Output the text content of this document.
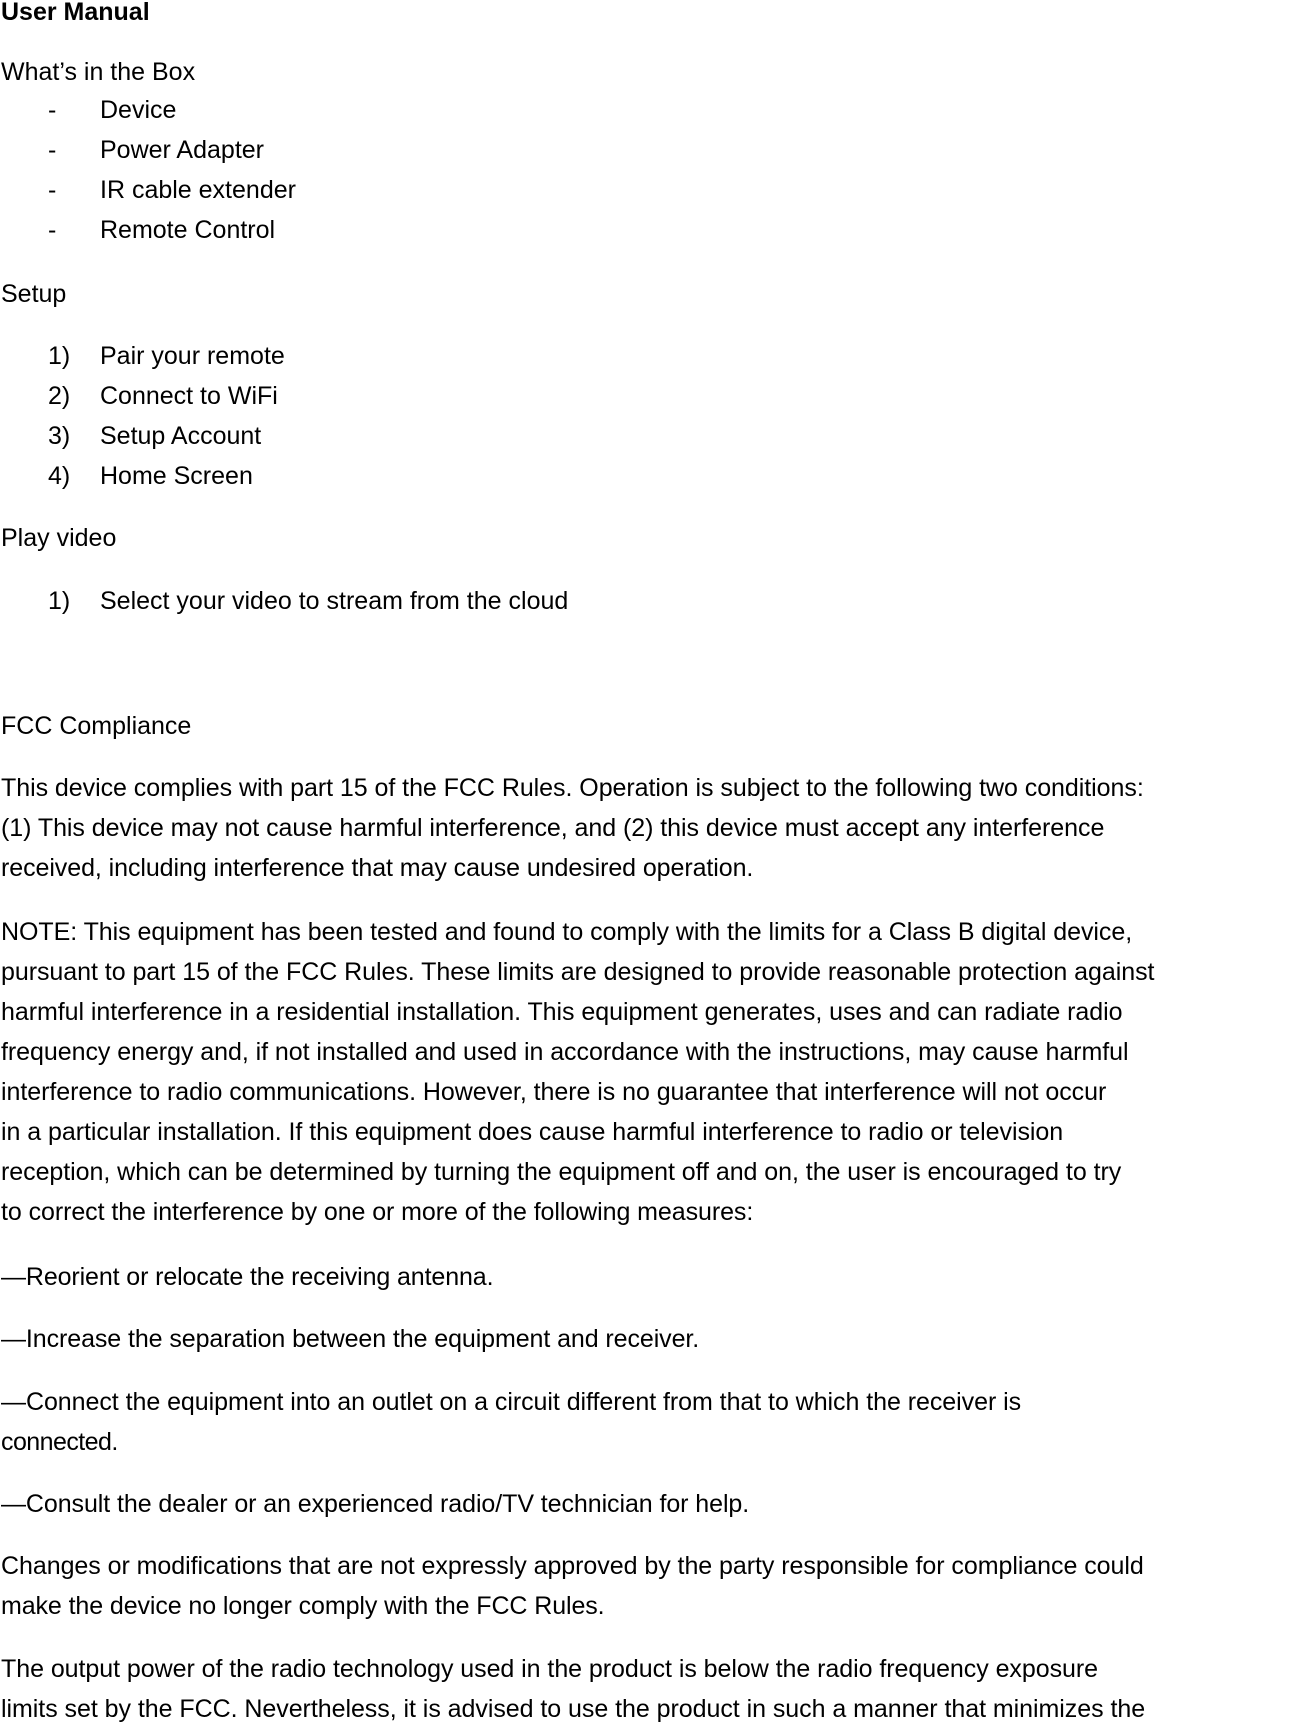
User Manual
What’s in the Box
- Device
- Power Adapter
- IR cable extender
- Remote Control
Setup
1) Pair your remote
2) Connect to WiFi
3) Setup Account
4) Home Screen
Play video
1) Select your video to stream from the cloud
FCC Compliance
This device complies with part 15 of the FCC Rules. Operation is subject to the following two conditions:
(1) This device may not cause harmful interference, and (2) this device must accept any interference
received, including interference that may cause undesired operation.
NOTE: This equipment has been tested and found to comply with the limits for a Class B digital device,
pursuant to part 15 of the FCC Rules. These limits are designed to provide reasonable protection against
harmful interference in a residential installation. This equipment generates, uses and can radiate radio
frequency energy and, if not installed and used in accordance with the instructions, may cause harmful
interference to radio communications. However, there is no guarantee that interference will not occur
in a particular installation. If this equipment does cause harmful interference to radio or television
reception, which can be determined by turning the equipment off and on, the user is encouraged to try
to correct the interference by one or more of the following measures:
—Reorient or relocate the receiving antenna.
—Increase the separation between the equipment and receiver.
—Connect the equipment into an outlet on a circuit different from that to which the receiver is
connected.
—Consult the dealer or an experienced radio/TV technician for help.
Changes or modifications that are not expressly approved by the party responsible for compliance could
make the device no longer comply with the FCC Rules.
The output power of the radio technology used in the product is below the radio frequency exposure
limits set by the FCC. Nevertheless, it is advised to use the product in such a manner that minimizes the
